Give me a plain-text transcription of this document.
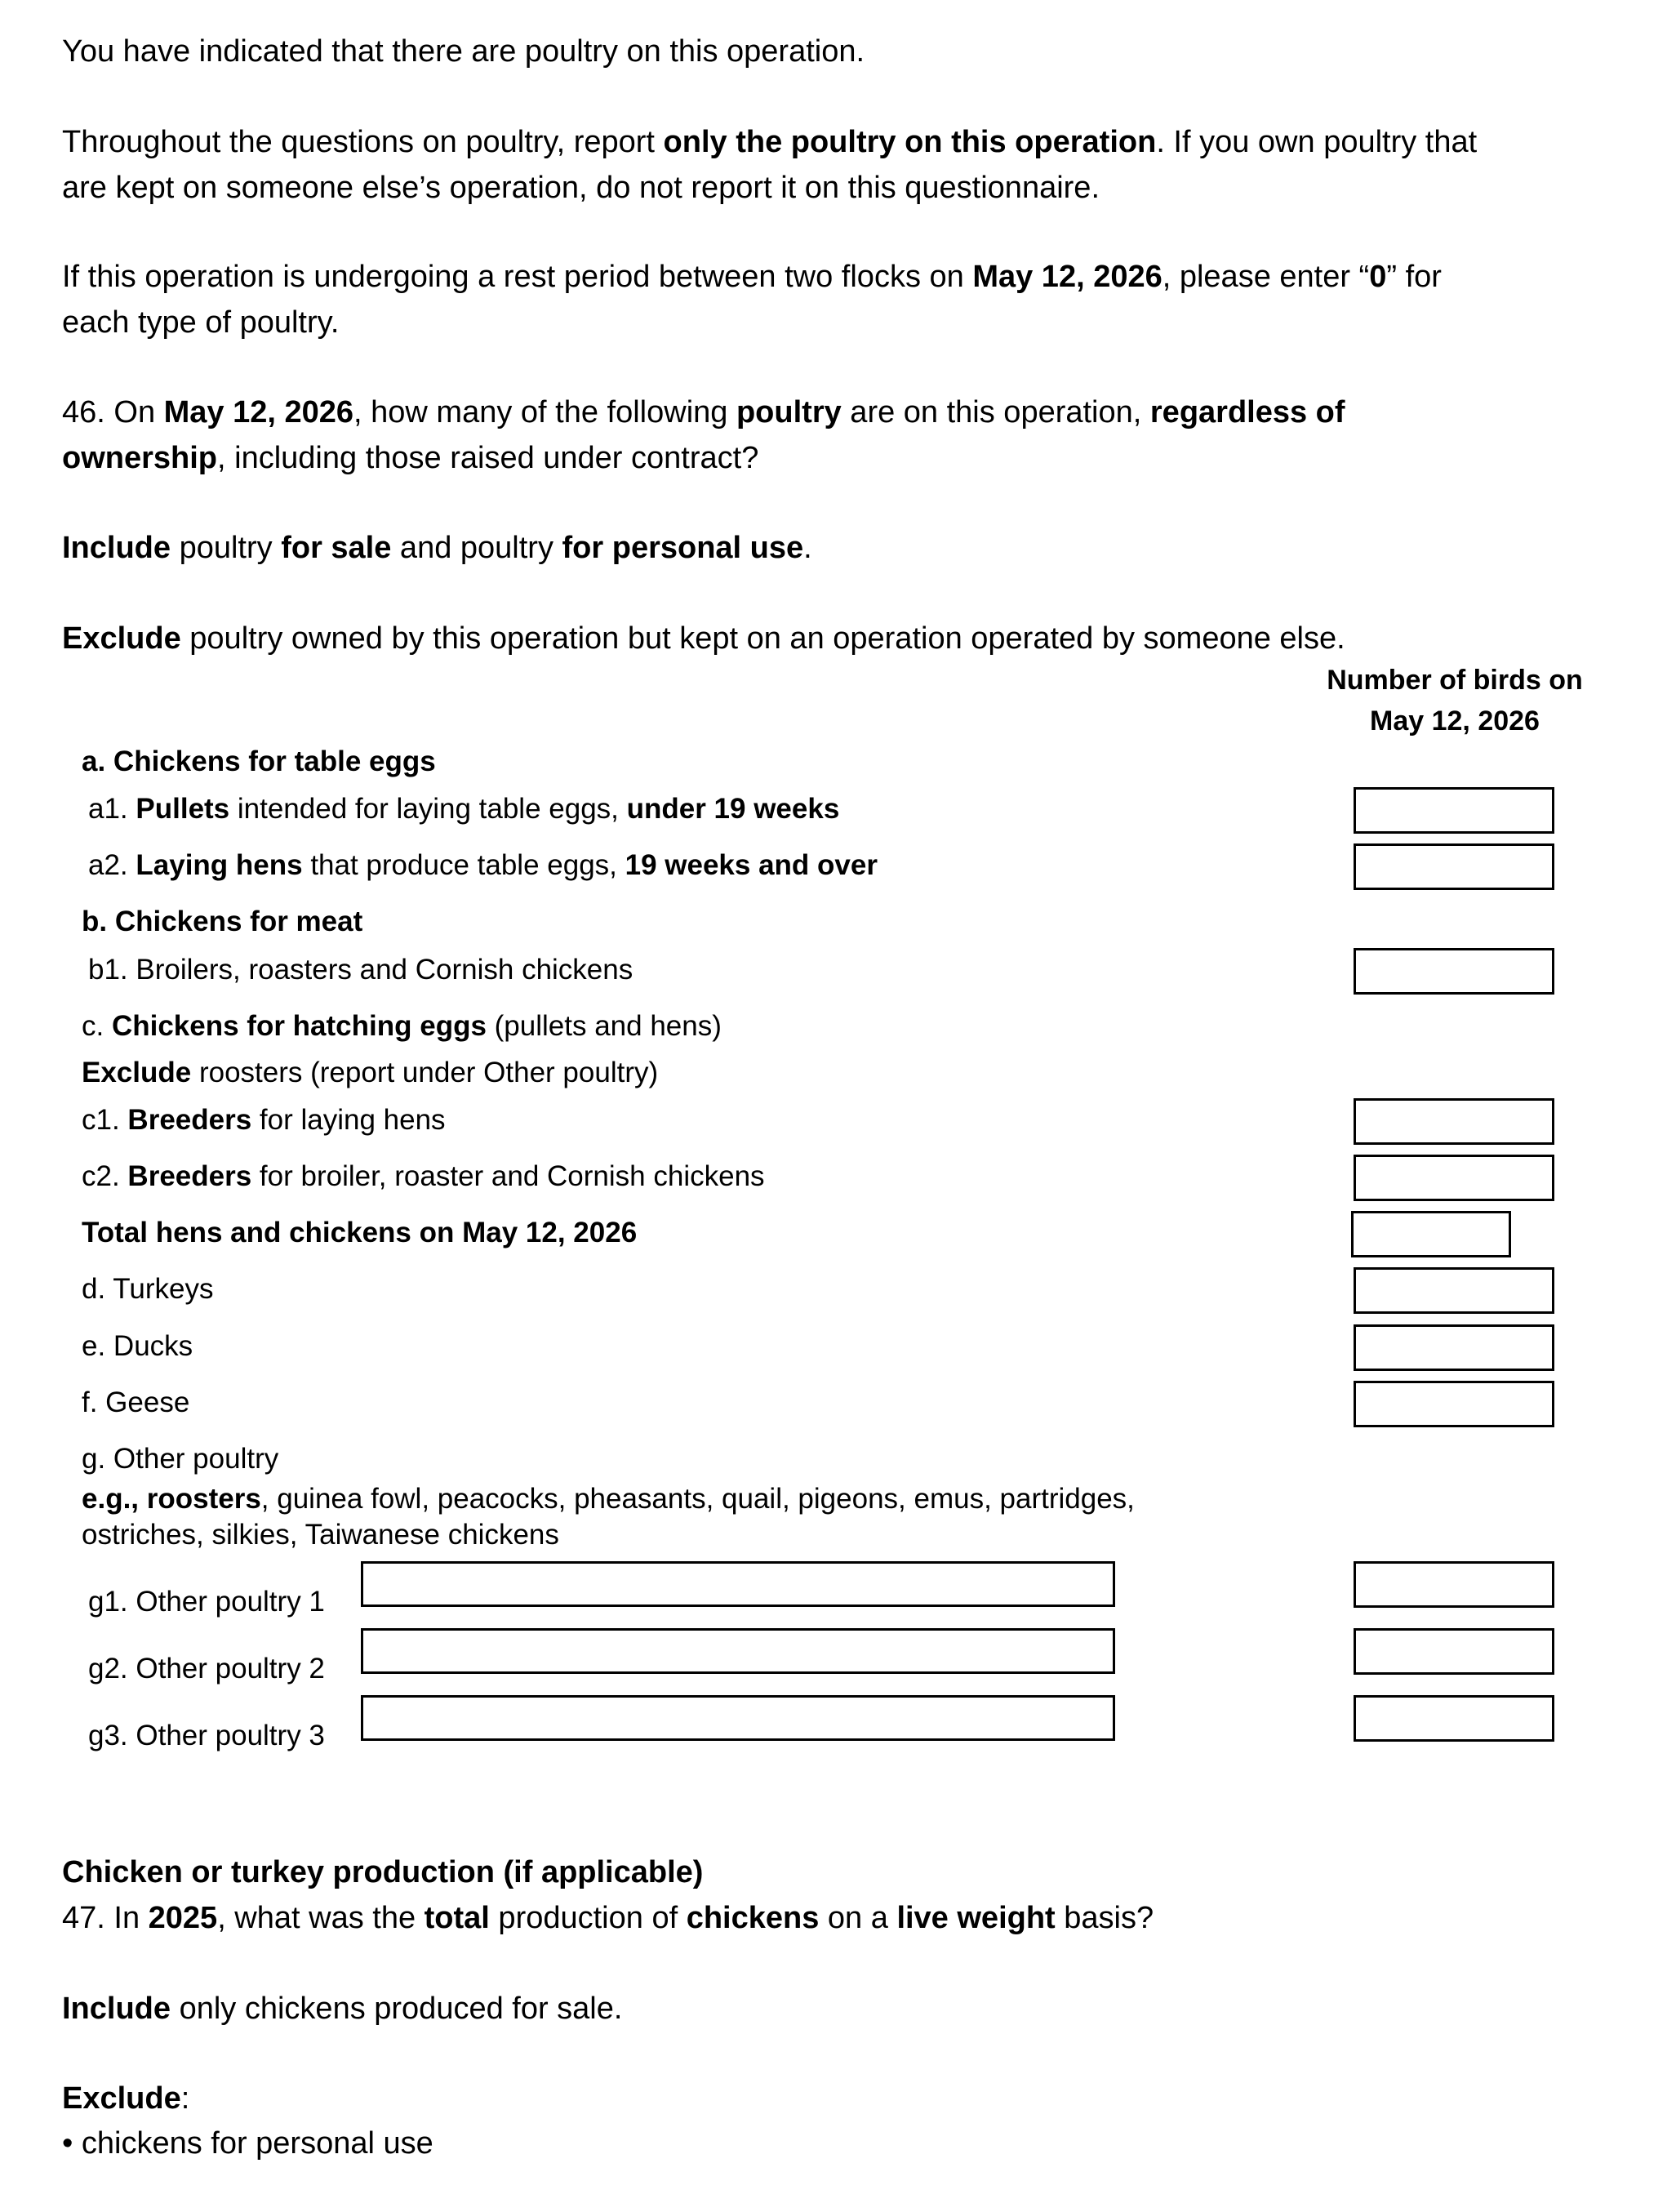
You have indicated that there are poultry on this operation.
Throughout the questions on poultry, report only the poultry on this operation. If you own poultry that
are kept on someone else’s operation, do not report it on this questionnaire.
If this operation is undergoing a rest period between two flocks on May 12, 2026, please enter “0” for
each type of poultry.
46. On May 12, 2026, how many of the following poultry are on this operation, regardless of
ownership, including those raised under contract?
Include poultry for sale and poultry for personal use.
Exclude poultry owned by this operation but kept on an operation operated by someone else.
Number of birds on
May 12, 2026
a. Chickens for table eggs
a1. Pullets intended for laying table eggs, under 19 weeks
a2. Laying hens that produce table eggs, 19 weeks and over
b. Chickens for meat
b1. Broilers, roasters and Cornish chickens
c. Chickens for hatching eggs (pullets and hens)
Exclude roosters (report under Other poultry)
c1. Breeders for laying hens
c2. Breeders for broiler, roaster and Cornish chickens
Total hens and chickens on May 12, 2026
d. Turkeys
e. Ducks
f. Geese
g. Other poultry
e.g., roosters, guinea fowl, peacocks, pheasants, quail, pigeons, emus, partridges,
ostriches, silkies, Taiwanese chickens
g1. Other poultry 1
g2. Other poultry 2
g3. Other poultry 3
Chicken or turkey production (if applicable)
47. In 2025, what was the total production of chickens on a live weight basis?
Include only chickens produced for sale.
Exclude:
• chickens for personal use
